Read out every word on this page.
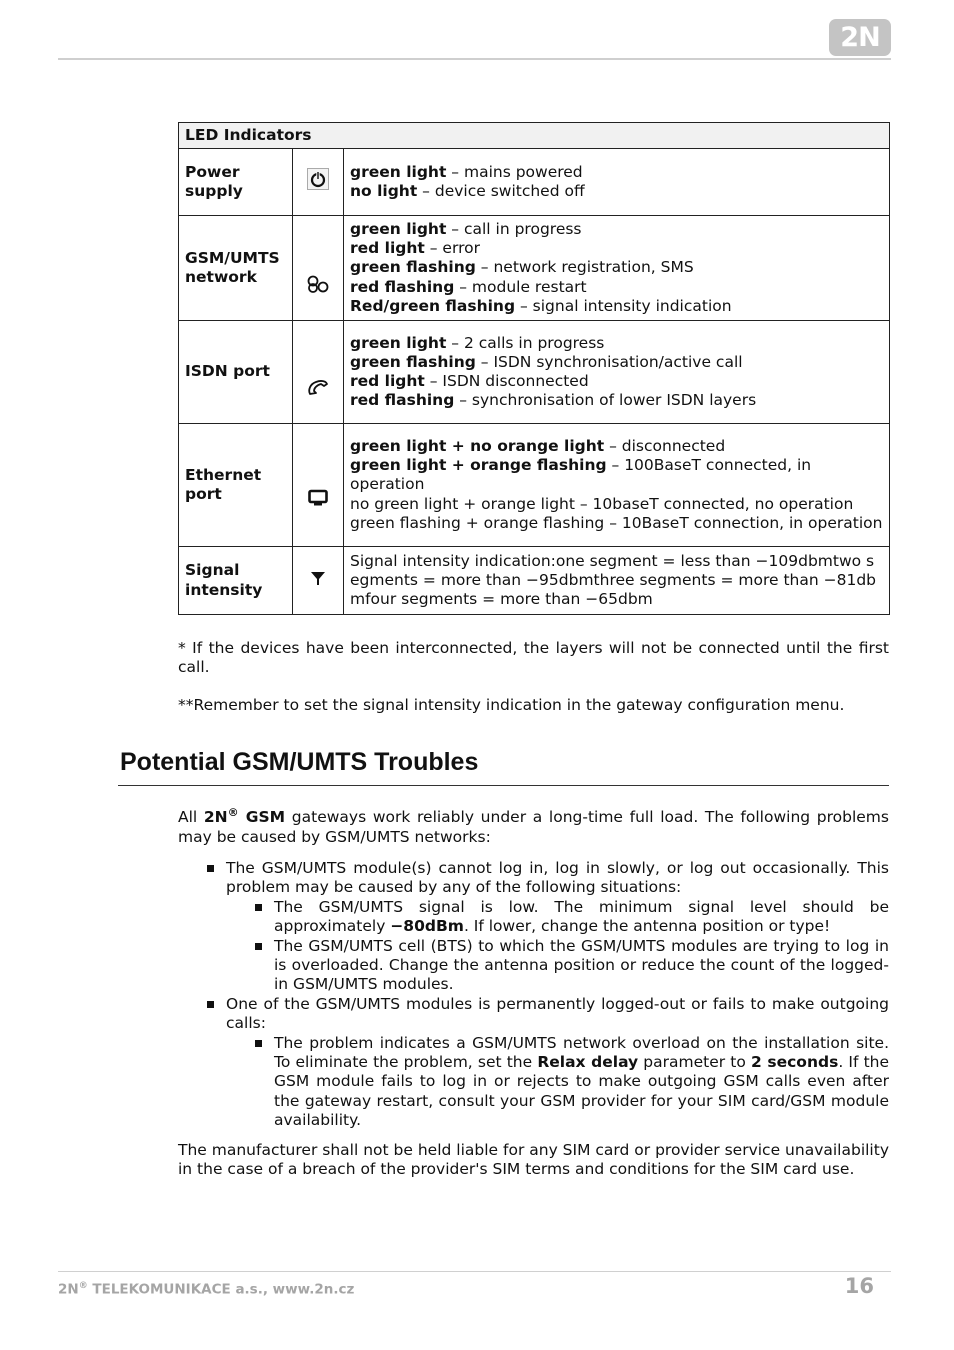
2N
LED Indicators		
Power supply		green light – mains powered
no light – device switched off

GSM/UMTS network		green light – call in progress
red light – error
green flashing – network registration, SMS
red flashing – module restart
Red/green flashing – signal intensity indication

ISDN port		green light – 2 calls in progress
green flashing – ISDN synchronisation/active call
red light – ISDN disconnected
red flashing – synchronisation of lower ISDN layers

Ethernet port		green light + no orange light – disconnected
green light + orange flashing – 100BaseT connected, in operation
no green light + orange light – 10baseT connected, no operation
green flashing + orange flashing – 10BaseT connection, in operation

Signal intensity		Signal intensity indication:one segment = less than −109dbmtwo segments = more than −95dbmthree segments = more than −81dbmfour segments = more than −65dbm

* If the devices have been interconnected, the layers will not be connected until the first call.

**Remember to set the signal intensity indication in the gateway configuration menu.

Potential GSM/UMTS Troubles

All 2N® GSM gateways work reliably under a long-time full load. The following problems may be caused by GSM/UMTS networks:

The GSM/UMTS module(s) cannot log in, log in slowly, or log out occasionally. This problem may be caused by any of the following situations:
The GSM/UMTS signal is low. The minimum signal level should be approximately −80dBm. If lower, change the antenna position or type!
The GSM/UMTS cell (BTS) to which the GSM/UMTS modules are trying to log in is overloaded. Change the antenna position or reduce the count of the logged-in GSM/UMTS modules.
One of the GSM/UMTS modules is permanently logged-out or fails to make outgoing calls:
The problem indicates a GSM/UMTS network overload on the installation site. To eliminate the problem, set the Relax delay parameter to 2 seconds. If the GSM module fails to log in or rejects to make outgoing GSM calls even after the gateway restart, consult your GSM provider for your SIM card/GSM module availability.

The manufacturer shall not be held liable for any SIM card or provider service unavailability in the case of a breach of the provider's SIM terms and conditions for the SIM card use.

2N® TELEKOMUNIKACE a.s., www.2n.cz	16
